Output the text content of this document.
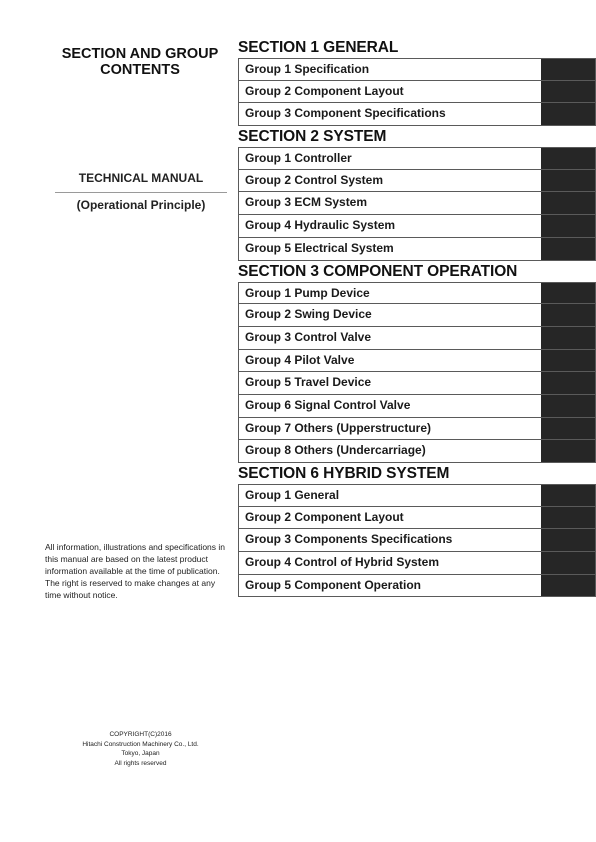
SECTION AND GROUP CONTENTS
TECHNICAL MANUAL
(Operational Principle)
All information, illustrations and specifications in this manual are based on the latest product information available at the time of publication. The right is reserved to make changes at any time without notice.
COPYRIGHT(C)2016
Hitachi Construction Machinery Co., Ltd.
Tokyo, Japan
All rights reserved
SECTION 1 GENERAL
Group 1 Specification
Group 2 Component Layout
Group 3 Component Specifications
SECTION 2 SYSTEM
Group 1 Controller
Group 2 Control System
Group 3 ECM System
Group 4 Hydraulic System
Group 5 Electrical System
SECTION 3 COMPONENT OPERATION
Group 1 Pump Device
Group 2 Swing Device
Group 3 Control Valve
Group 4 Pilot Valve
Group 5 Travel Device
Group 6 Signal Control Valve
Group 7 Others (Upperstructure)
Group 8 Others (Undercarriage)
SECTION 6 HYBRID SYSTEM
Group 1 General
Group 2 Component Layout
Group 3 Components Specifications
Group 4 Control of Hybrid System
Group 5 Component Operation
